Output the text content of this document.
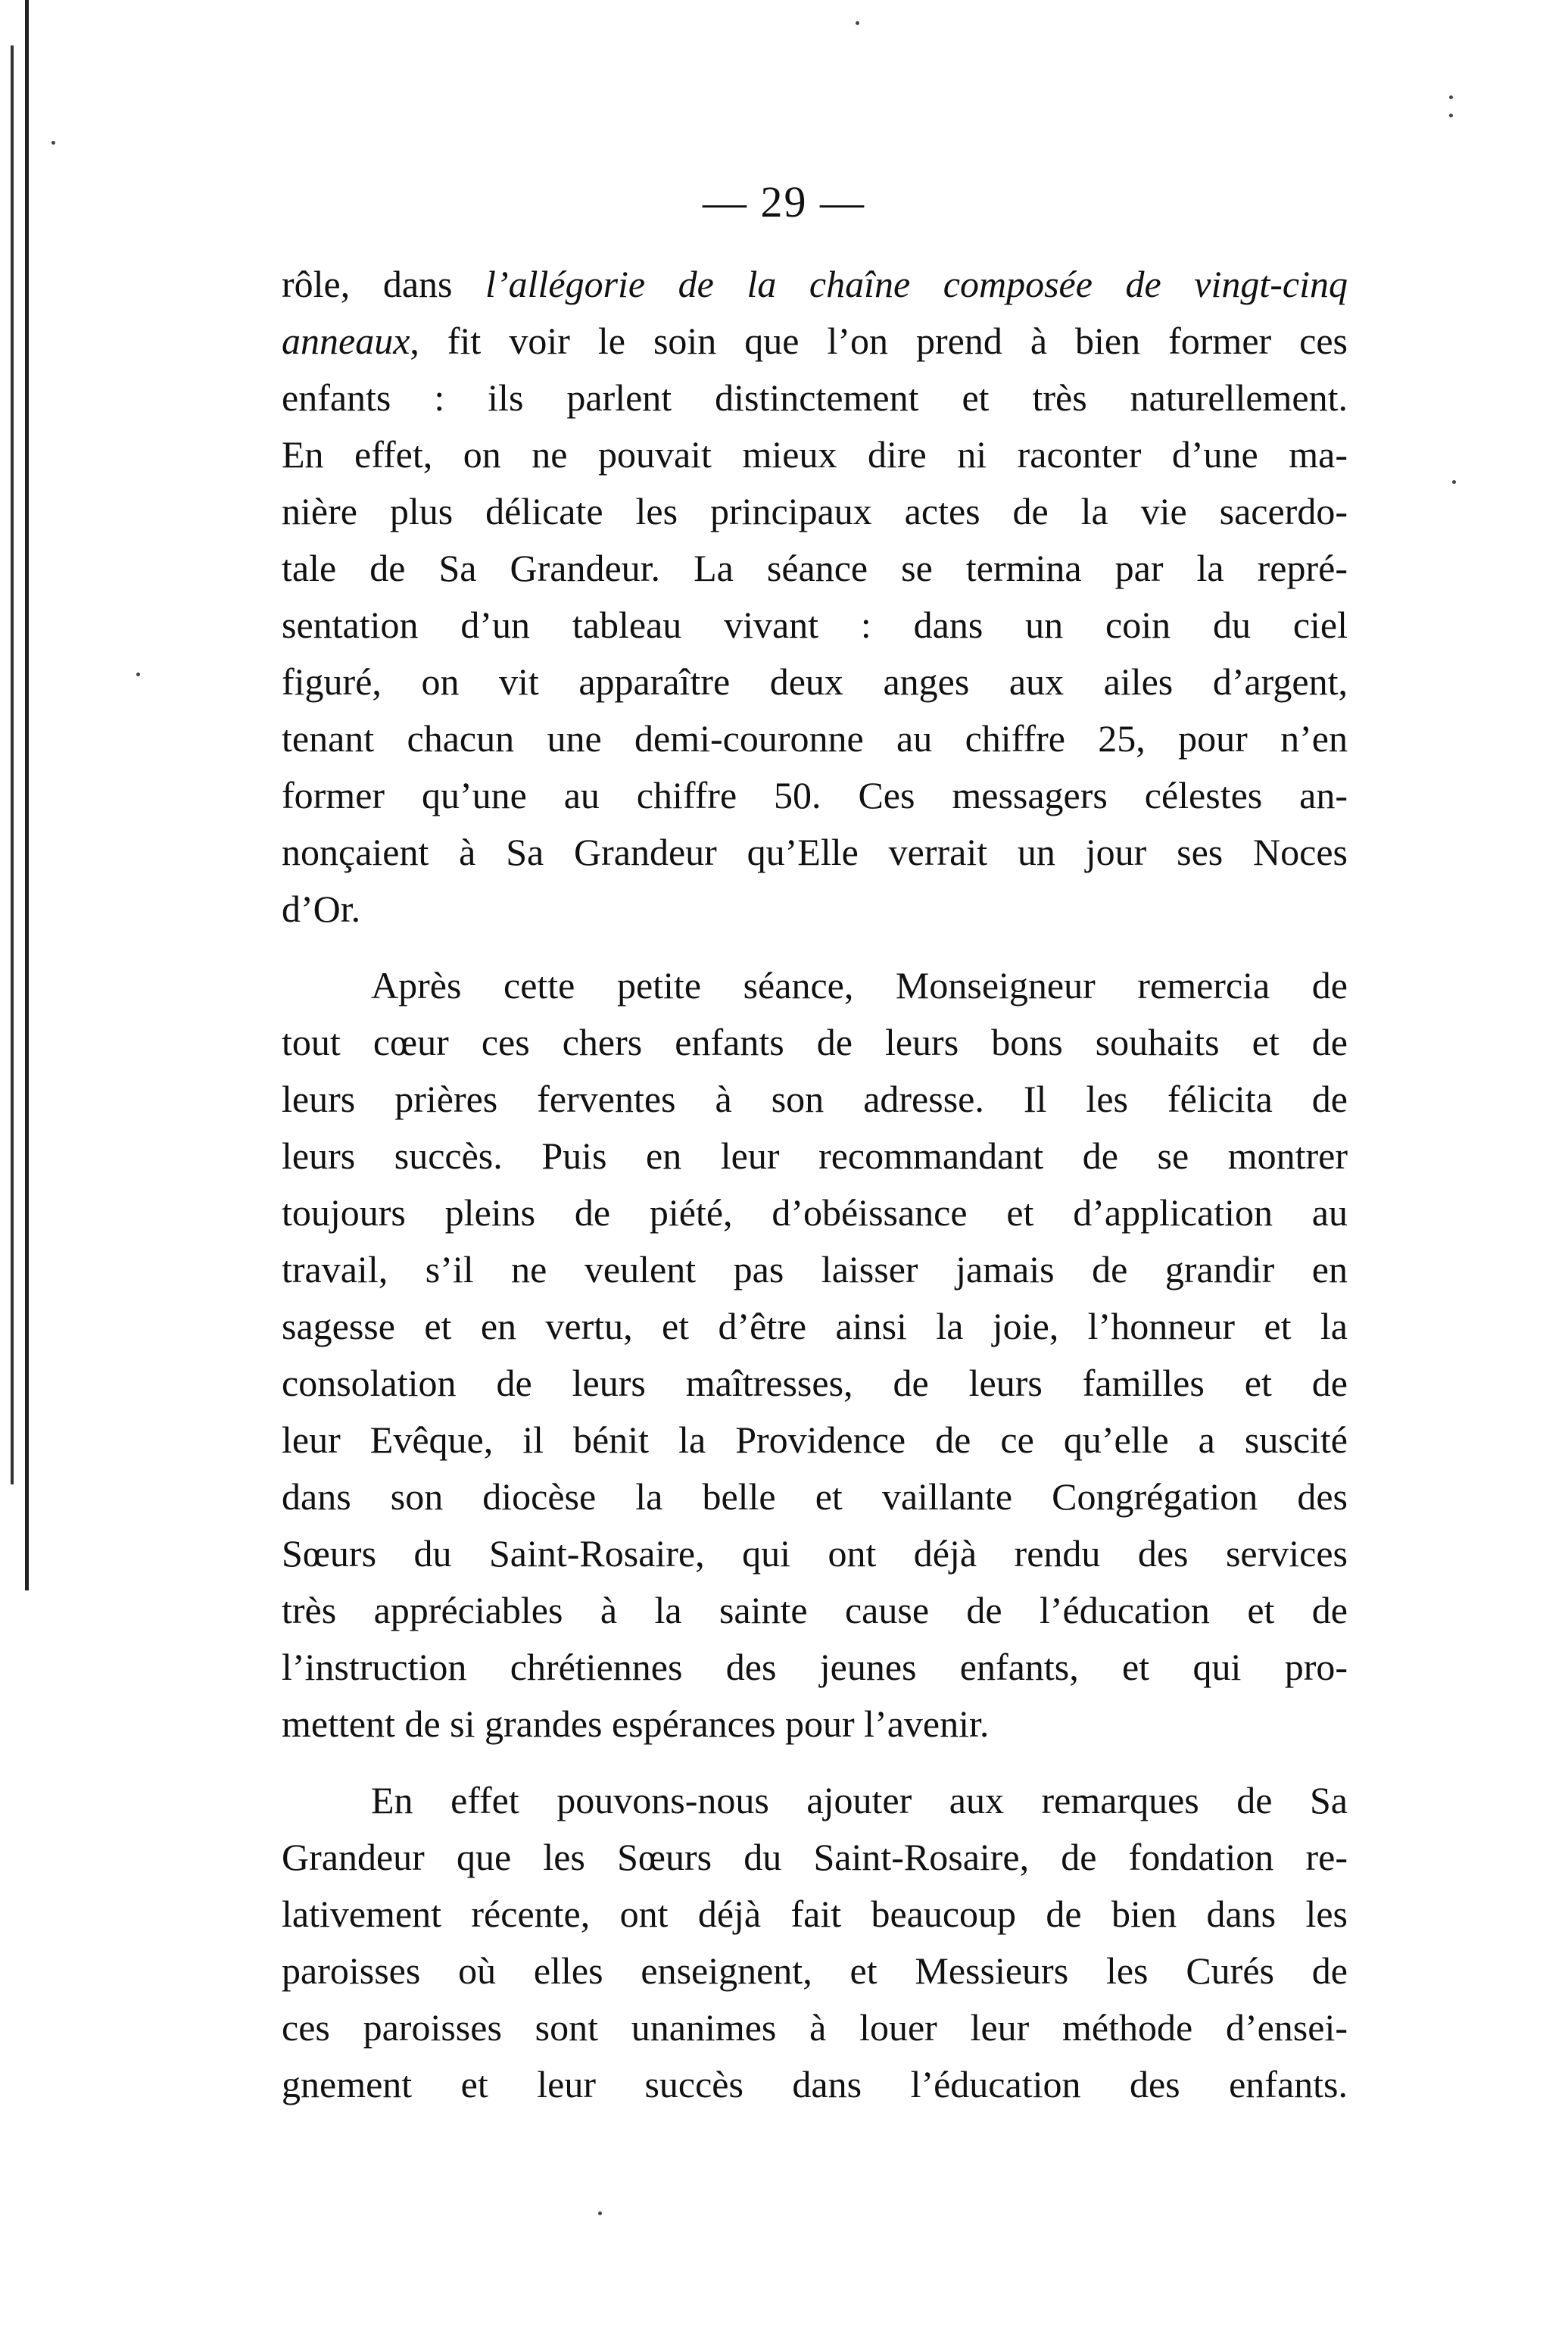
— 29 —
rôle, dans l’allégorie de la chaîne composée de vingt-cinq
anneaux, fit voir le soin que l’on prend à bien former ces
enfants : ils parlent distinctement et très naturellement.
En effet, on ne pouvait mieux dire ni raconter d’une ma-
nière plus délicate les principaux actes de la vie sacerdo-
tale de Sa Grandeur. La séance se termina par la repré-
sentation d’un tableau vivant : dans un coin du ciel
figuré, on vit apparaître deux anges aux ailes d’argent,
tenant chacun une demi-couronne au chiffre 25, pour n’en
former qu’une au chiffre 50. Ces messagers célestes an-
nonçaient à Sa Grandeur qu’Elle verrait un jour ses Noces
d’Or.
Après cette petite séance, Monseigneur remercia de
tout cœur ces chers enfants de leurs bons souhaits et de
leurs prières ferventes à son adresse. Il les félicita de
leurs succès. Puis en leur recommandant de se montrer
toujours pleins de piété, d’obéissance et d’application au
travail, s’il ne veulent pas laisser jamais de grandir en
sagesse et en vertu, et d’être ainsi la joie, l’honneur et la
consolation de leurs maîtresses, de leurs familles et de
leur Evêque, il bénit la Providence de ce qu’elle a suscité
dans son diocèse la belle et vaillante Congrégation des
Sœurs du Saint-Rosaire, qui ont déjà rendu des services
très appréciables à la sainte cause de l’éducation et de
l’instruction chrétiennes des jeunes enfants, et qui pro-
mettent de si grandes espérances pour l’avenir.
En effet pouvons-nous ajouter aux remarques de Sa
Grandeur que les Sœurs du Saint-Rosaire, de fondation re-
lativement récente, ont déjà fait beaucoup de bien dans les
paroisses où elles enseignent, et Messieurs les Curés de
ces paroisses sont unanimes à louer leur méthode d’ensei-
gnement et leur succès dans l’éducation des enfants.
